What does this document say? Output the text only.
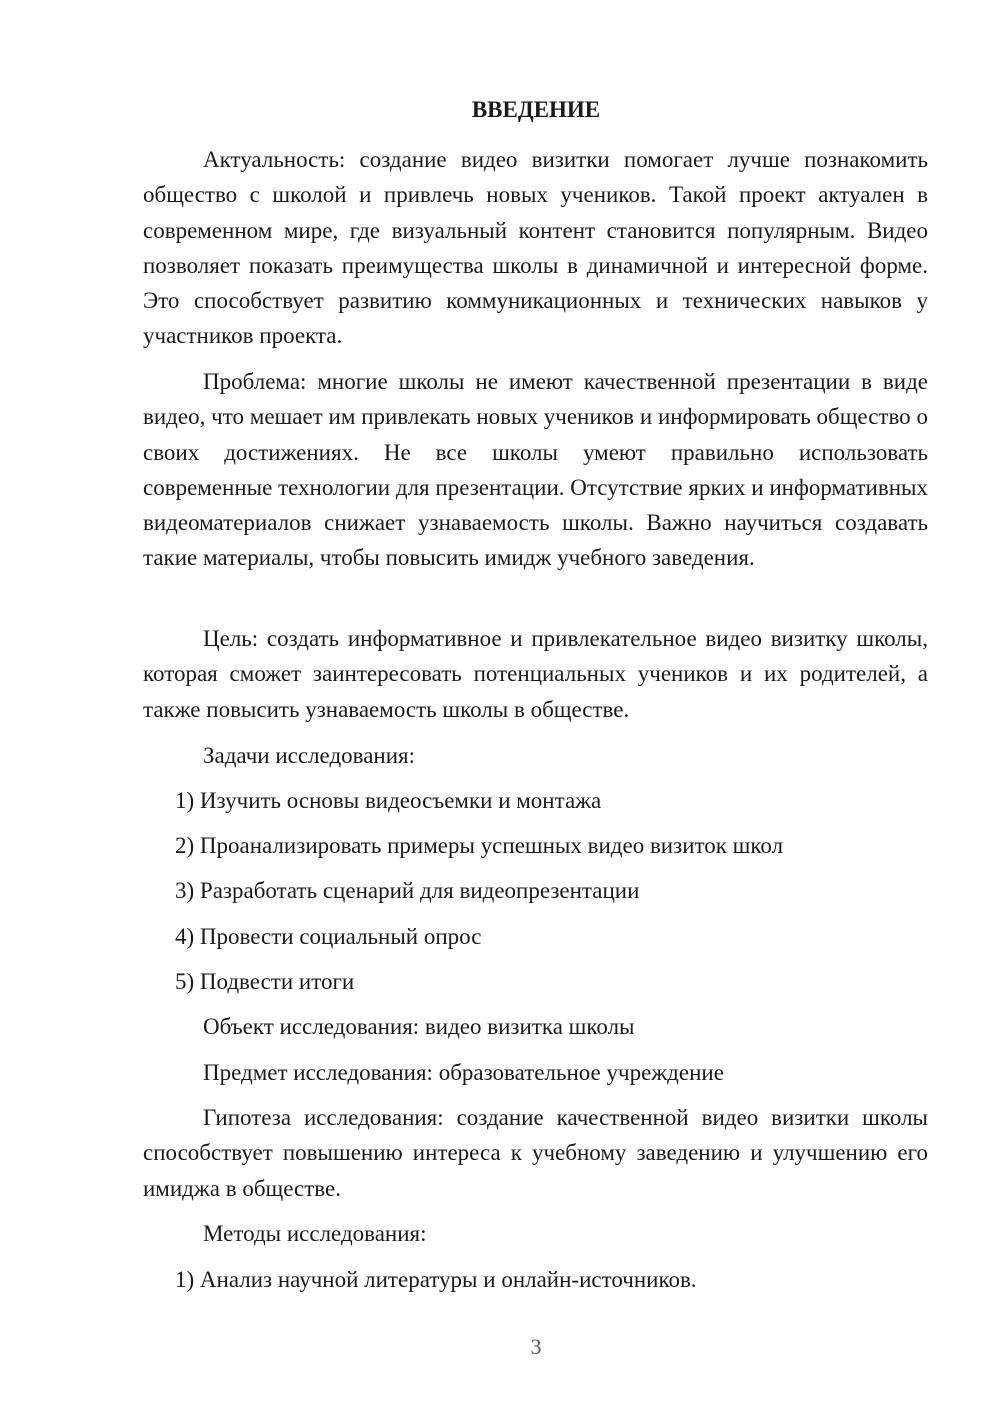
ВВЕДЕНИЕ

Актуальность: создание видео визитки помогает лучше познакомить общество с школой и привлечь новых учеников. Такой проект актуален в современном мире, где визуальный контент становится популярным. Видео позволяет показать преимущества школы в динамичной и интересной форме. Это способствует развитию коммуникационных и технических навыков у участников проекта.

Проблема: многие школы не имеют качественной презентации в виде видео, что мешает им привлекать новых учеников и информировать общество о своих достижениях. Не все школы умеют правильно использовать современные технологии для презентации. Отсутствие ярких и информативных видеоматериалов снижает узнаваемость школы. Важно научиться создавать такие материалы, чтобы повысить имидж учебного заведения.

Цель: создать информативное и привлекательное видео визитку школы, которая сможет заинтересовать потенциальных учеников и их родителей, а также повысить узнаваемость школы в обществе.

Задачи исследования:
1) Изучить основы видеосъемки и монтажа
2) Проанализировать примеры успешных видео визиток школ
3) Разработать сценарий для видеопрезентации
4) Провести социальный опрос
5) Подвести итоги
Объект исследования: видео визитка школы
Предмет исследования: образовательное учреждение

Гипотеза исследования: создание качественной видео визитки школы способствует повышению интереса к учебному заведению и улучшению его имиджа в обществе.

Методы исследования:
1) Анализ научной литературы и онлайн-источников.
3
